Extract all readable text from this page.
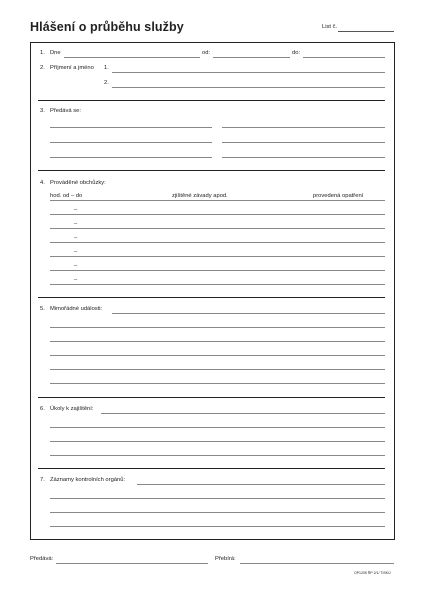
Hlášení o průběhu služby	List č.
1. Dne	od:	do:
2. Příjmení a jméno 1.
2.
3. Předává se:
4. Prováděné obchůzky:
hod. od – do	zjištěné závady apod.	provedená opatření
–
–
–
–
–
–
5. Mimořádné události:
6. Úkoly k zajištění:
7. Záznamy kontrolních orgánů:
Předává:	Přebírá:
OP1205 ŘP 2/1/ TISKÚ
